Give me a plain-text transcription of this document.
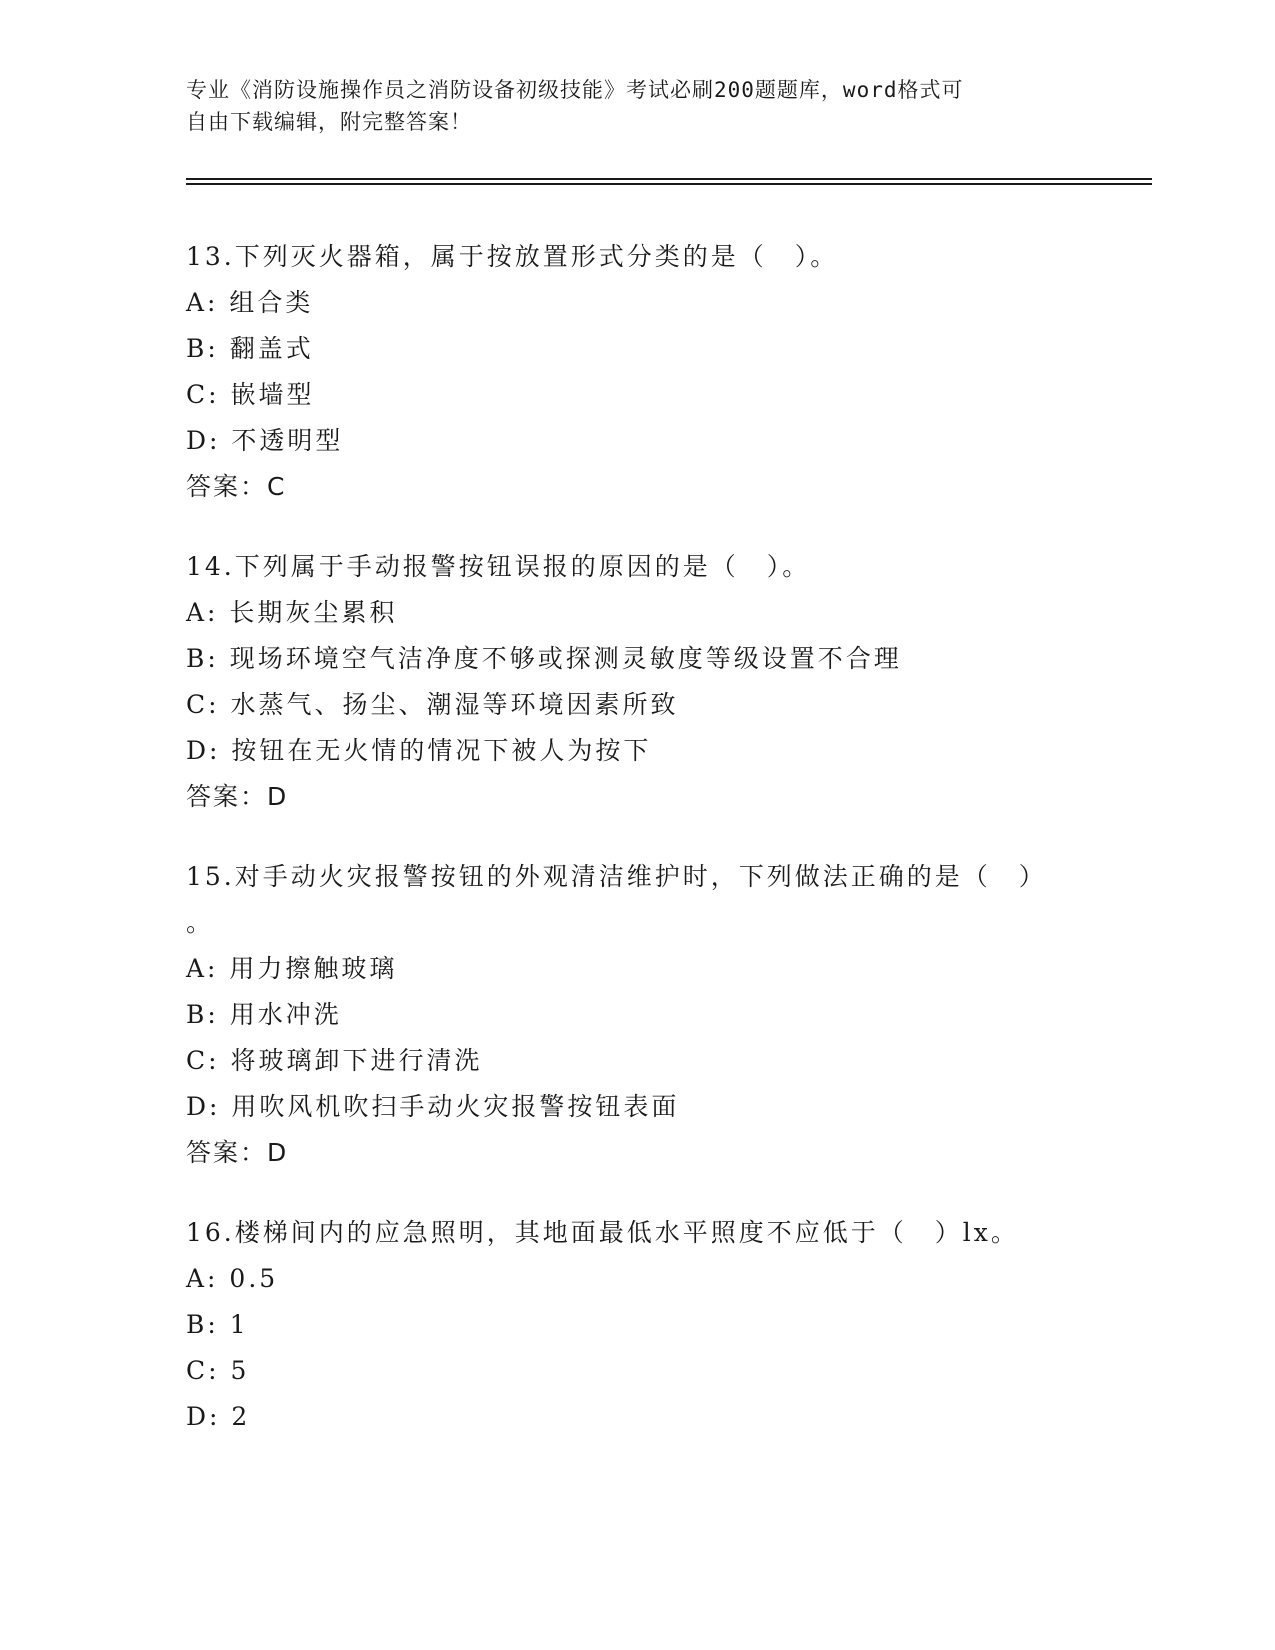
专业《消防设施操作员之消防设备初级技能》考试必刷200题题库，word格式可
自由下载编辑，附完整答案！
13.下列灭火器箱，属于按放置形式分类的是（　）。
A: 组合类
B: 翻盖式
C: 嵌墙型
D: 不透明型
答案：C
14.下列属于手动报警按钮误报的原因的是（　）。
A: 长期灰尘累积
B: 现场环境空气洁净度不够或探测灵敏度等级设置不合理
C: 水蒸气、扬尘、潮湿等环境因素所致
D: 按钮在无火情的情况下被人为按下
答案：D
15.对手动火灾报警按钮的外观清洁维护时，下列做法正确的是（　）
。
A: 用力擦触玻璃
B: 用水冲洗
C: 将玻璃卸下进行清洗
D: 用吹风机吹扫手动火灾报警按钮表面
答案：D
16.楼梯间内的应急照明，其地面最低水平照度不应低于（　）lx。
A: 0.5
B: 1
C: 5
D: 2
